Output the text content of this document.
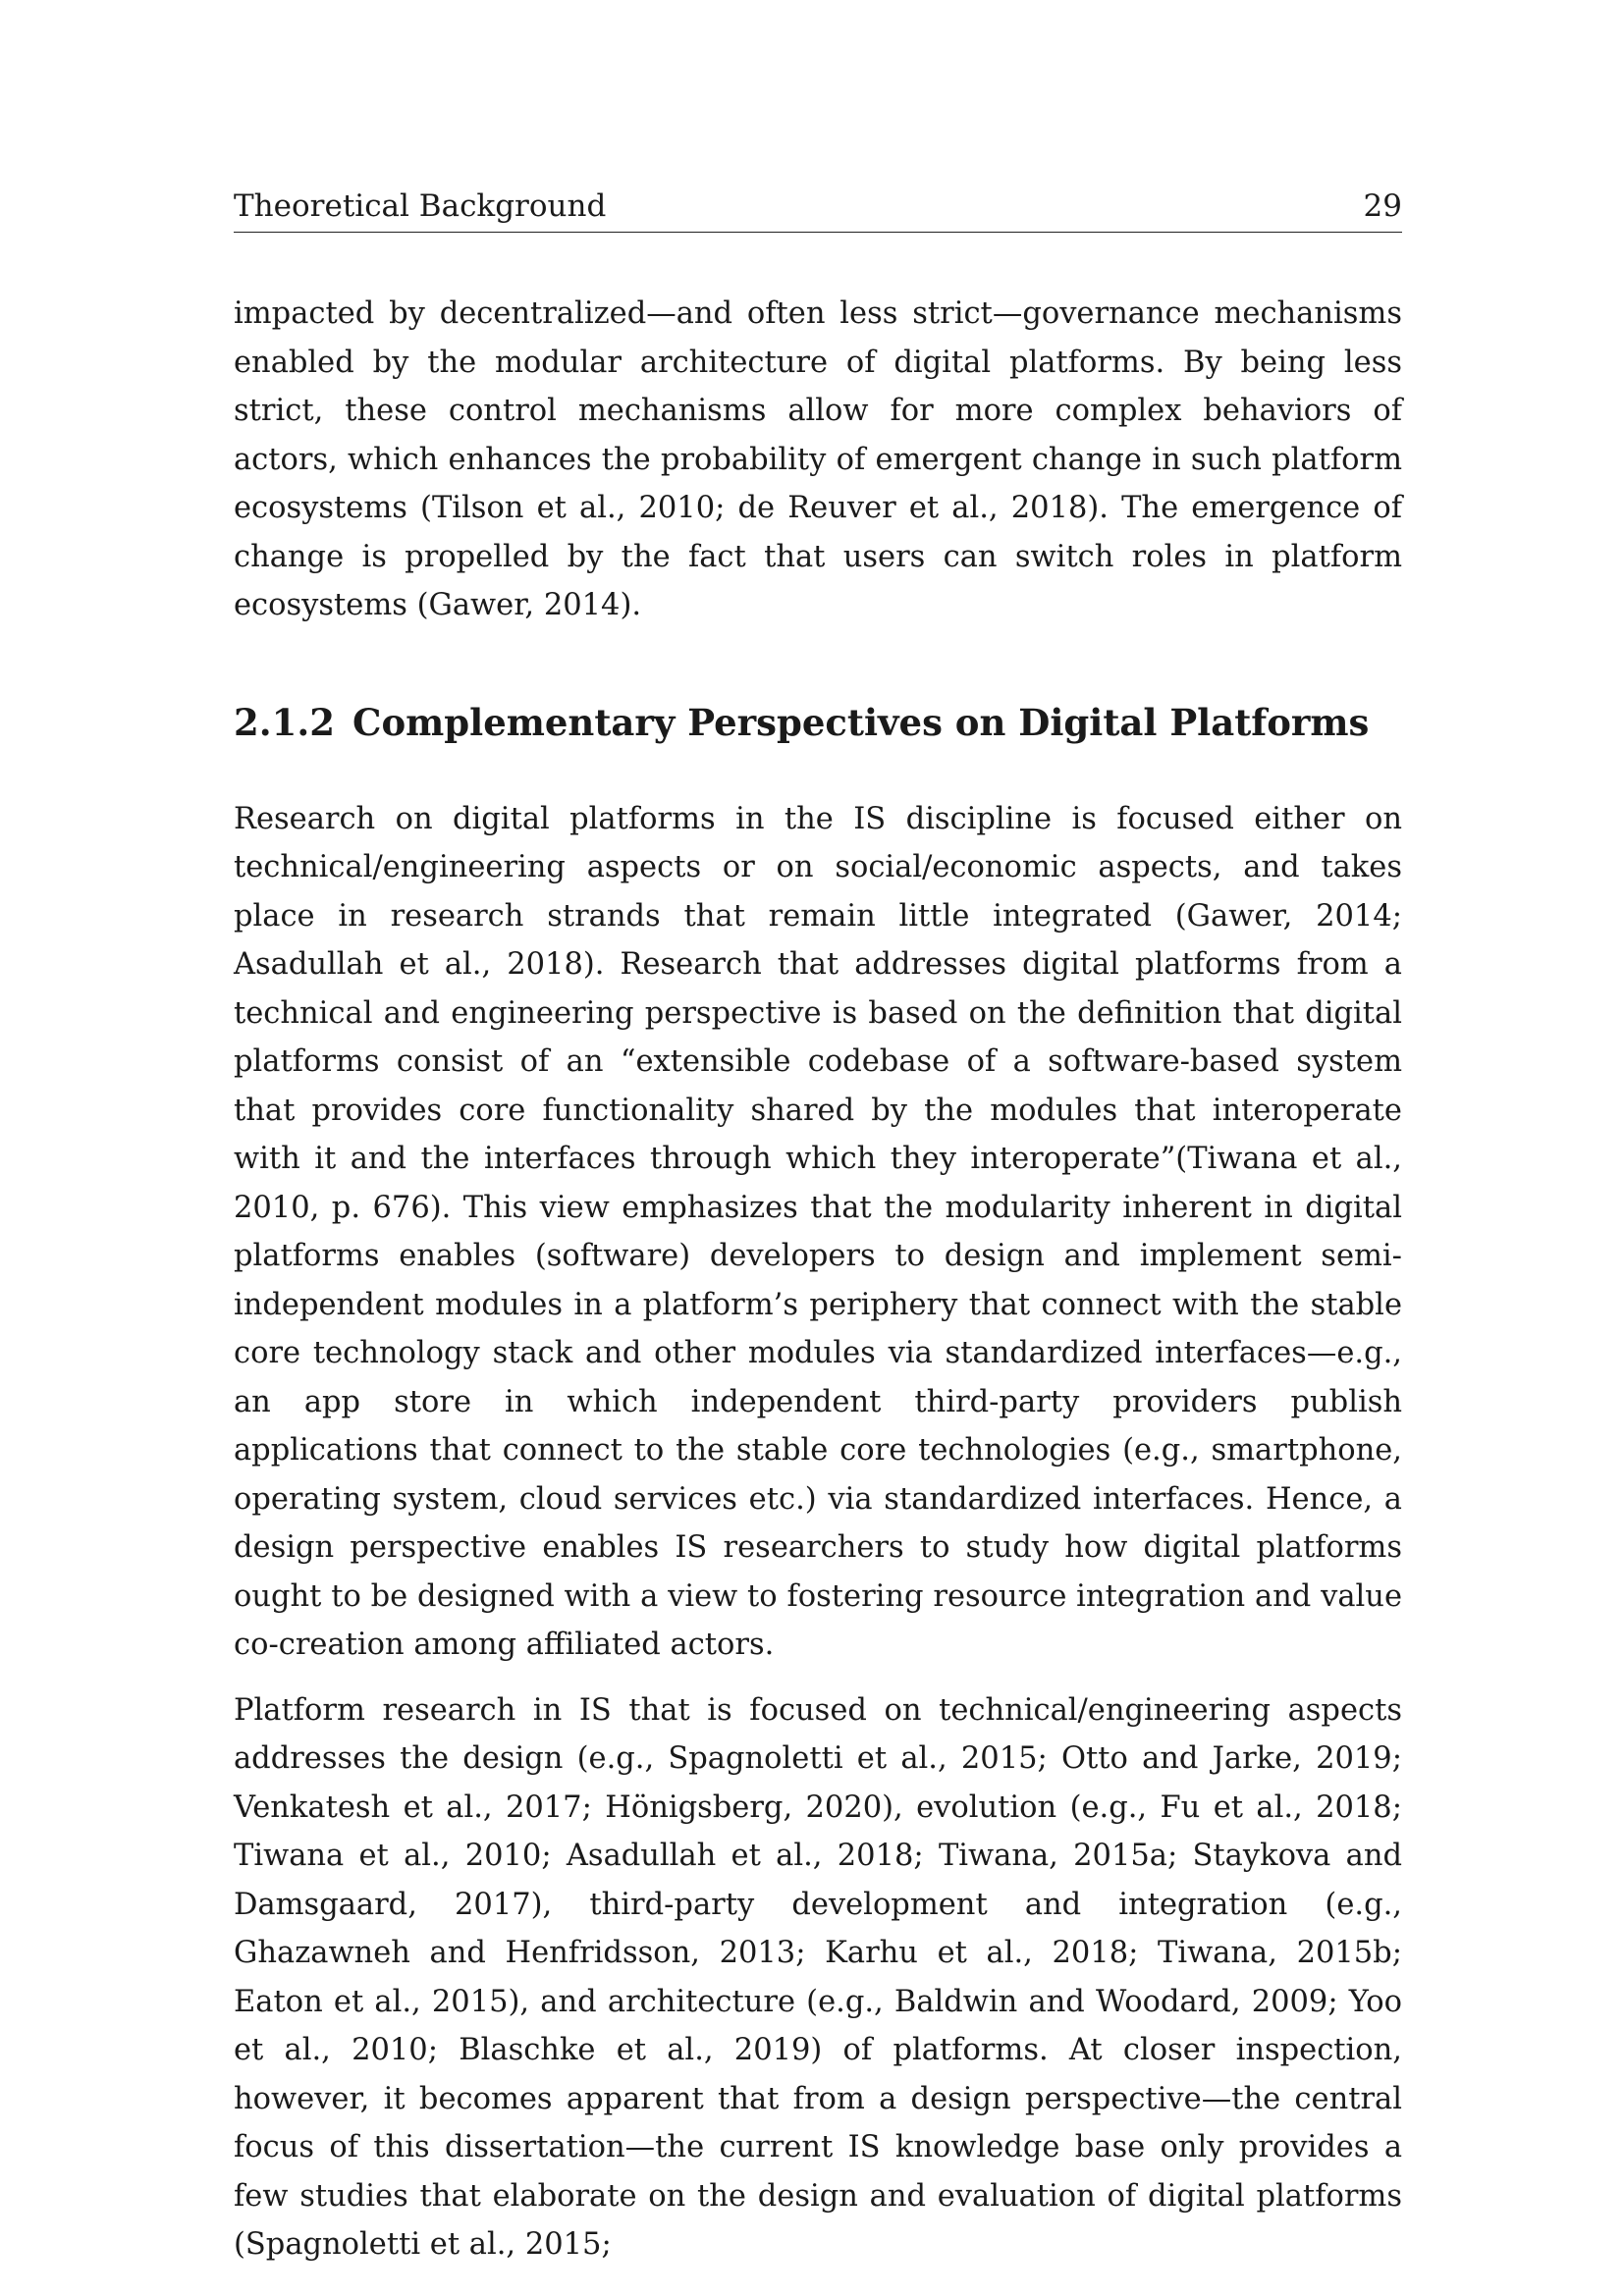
Theoretical Background	29

impacted by decentralized—and often less strict—governance mechanisms enabled by the modular architecture of digital platforms. By being less strict, these control mechanisms allow for more complex behaviors of actors, which enhances the probability of emergent change in such platform ecosystems (Tilson et al., 2010; de Reuver et al., 2018). The emergence of change is propelled by the fact that users can switch roles in platform ecosystems (Gawer, 2014).

2.1.2 Complementary Perspectives on Digital Platforms

Research on digital platforms in the IS discipline is focused either on technical/engineering aspects or on social/economic aspects, and takes place in research strands that remain little integrated (Gawer, 2014; Asadullah et al., 2018). Research that addresses digital platforms from a technical and engineering perspective is based on the definition that digital platforms consist of an “extensible codebase of a software-based system that provides core functionality shared by the modules that interoperate with it and the interfaces through which they interoperate”(Tiwana et al., 2010, p. 676). This view emphasizes that the modularity inherent in digital platforms enables (software) developers to design and implement semi-independent modules in a platform’s periphery that connect with the stable core technology stack and other modules via standardized interfaces—e.g., an app store in which independent third-party providers publish applications that connect to the stable core technologies (e.g., smartphone, operating system, cloud services etc.) via standardized interfaces. Hence, a design perspective enables IS researchers to study how digital platforms ought to be designed with a view to fostering resource integration and value co-creation among affiliated actors.

Platform research in IS that is focused on technical/engineering aspects addresses the design (e.g., Spagnoletti et al., 2015; Otto and Jarke, 2019; Venkatesh et al., 2017; Hönigsberg, 2020), evolution (e.g., Fu et al., 2018; Tiwana et al., 2010; Asadullah et al., 2018; Tiwana, 2015a; Staykova and Damsgaard, 2017), third-party development and integration (e.g., Ghazawneh and Henfridsson, 2013; Karhu et al., 2018; Tiwana, 2015b; Eaton et al., 2015), and architecture (e.g., Baldwin and Woodard, 2009; Yoo et al., 2010; Blaschke et al., 2019) of platforms. At closer inspection, however, it becomes apparent that from a design perspective—the central focus of this dissertation—the current IS knowledge base only provides a few studies that elaborate on the design and evaluation of digital platforms (Spagnoletti et al., 2015;
